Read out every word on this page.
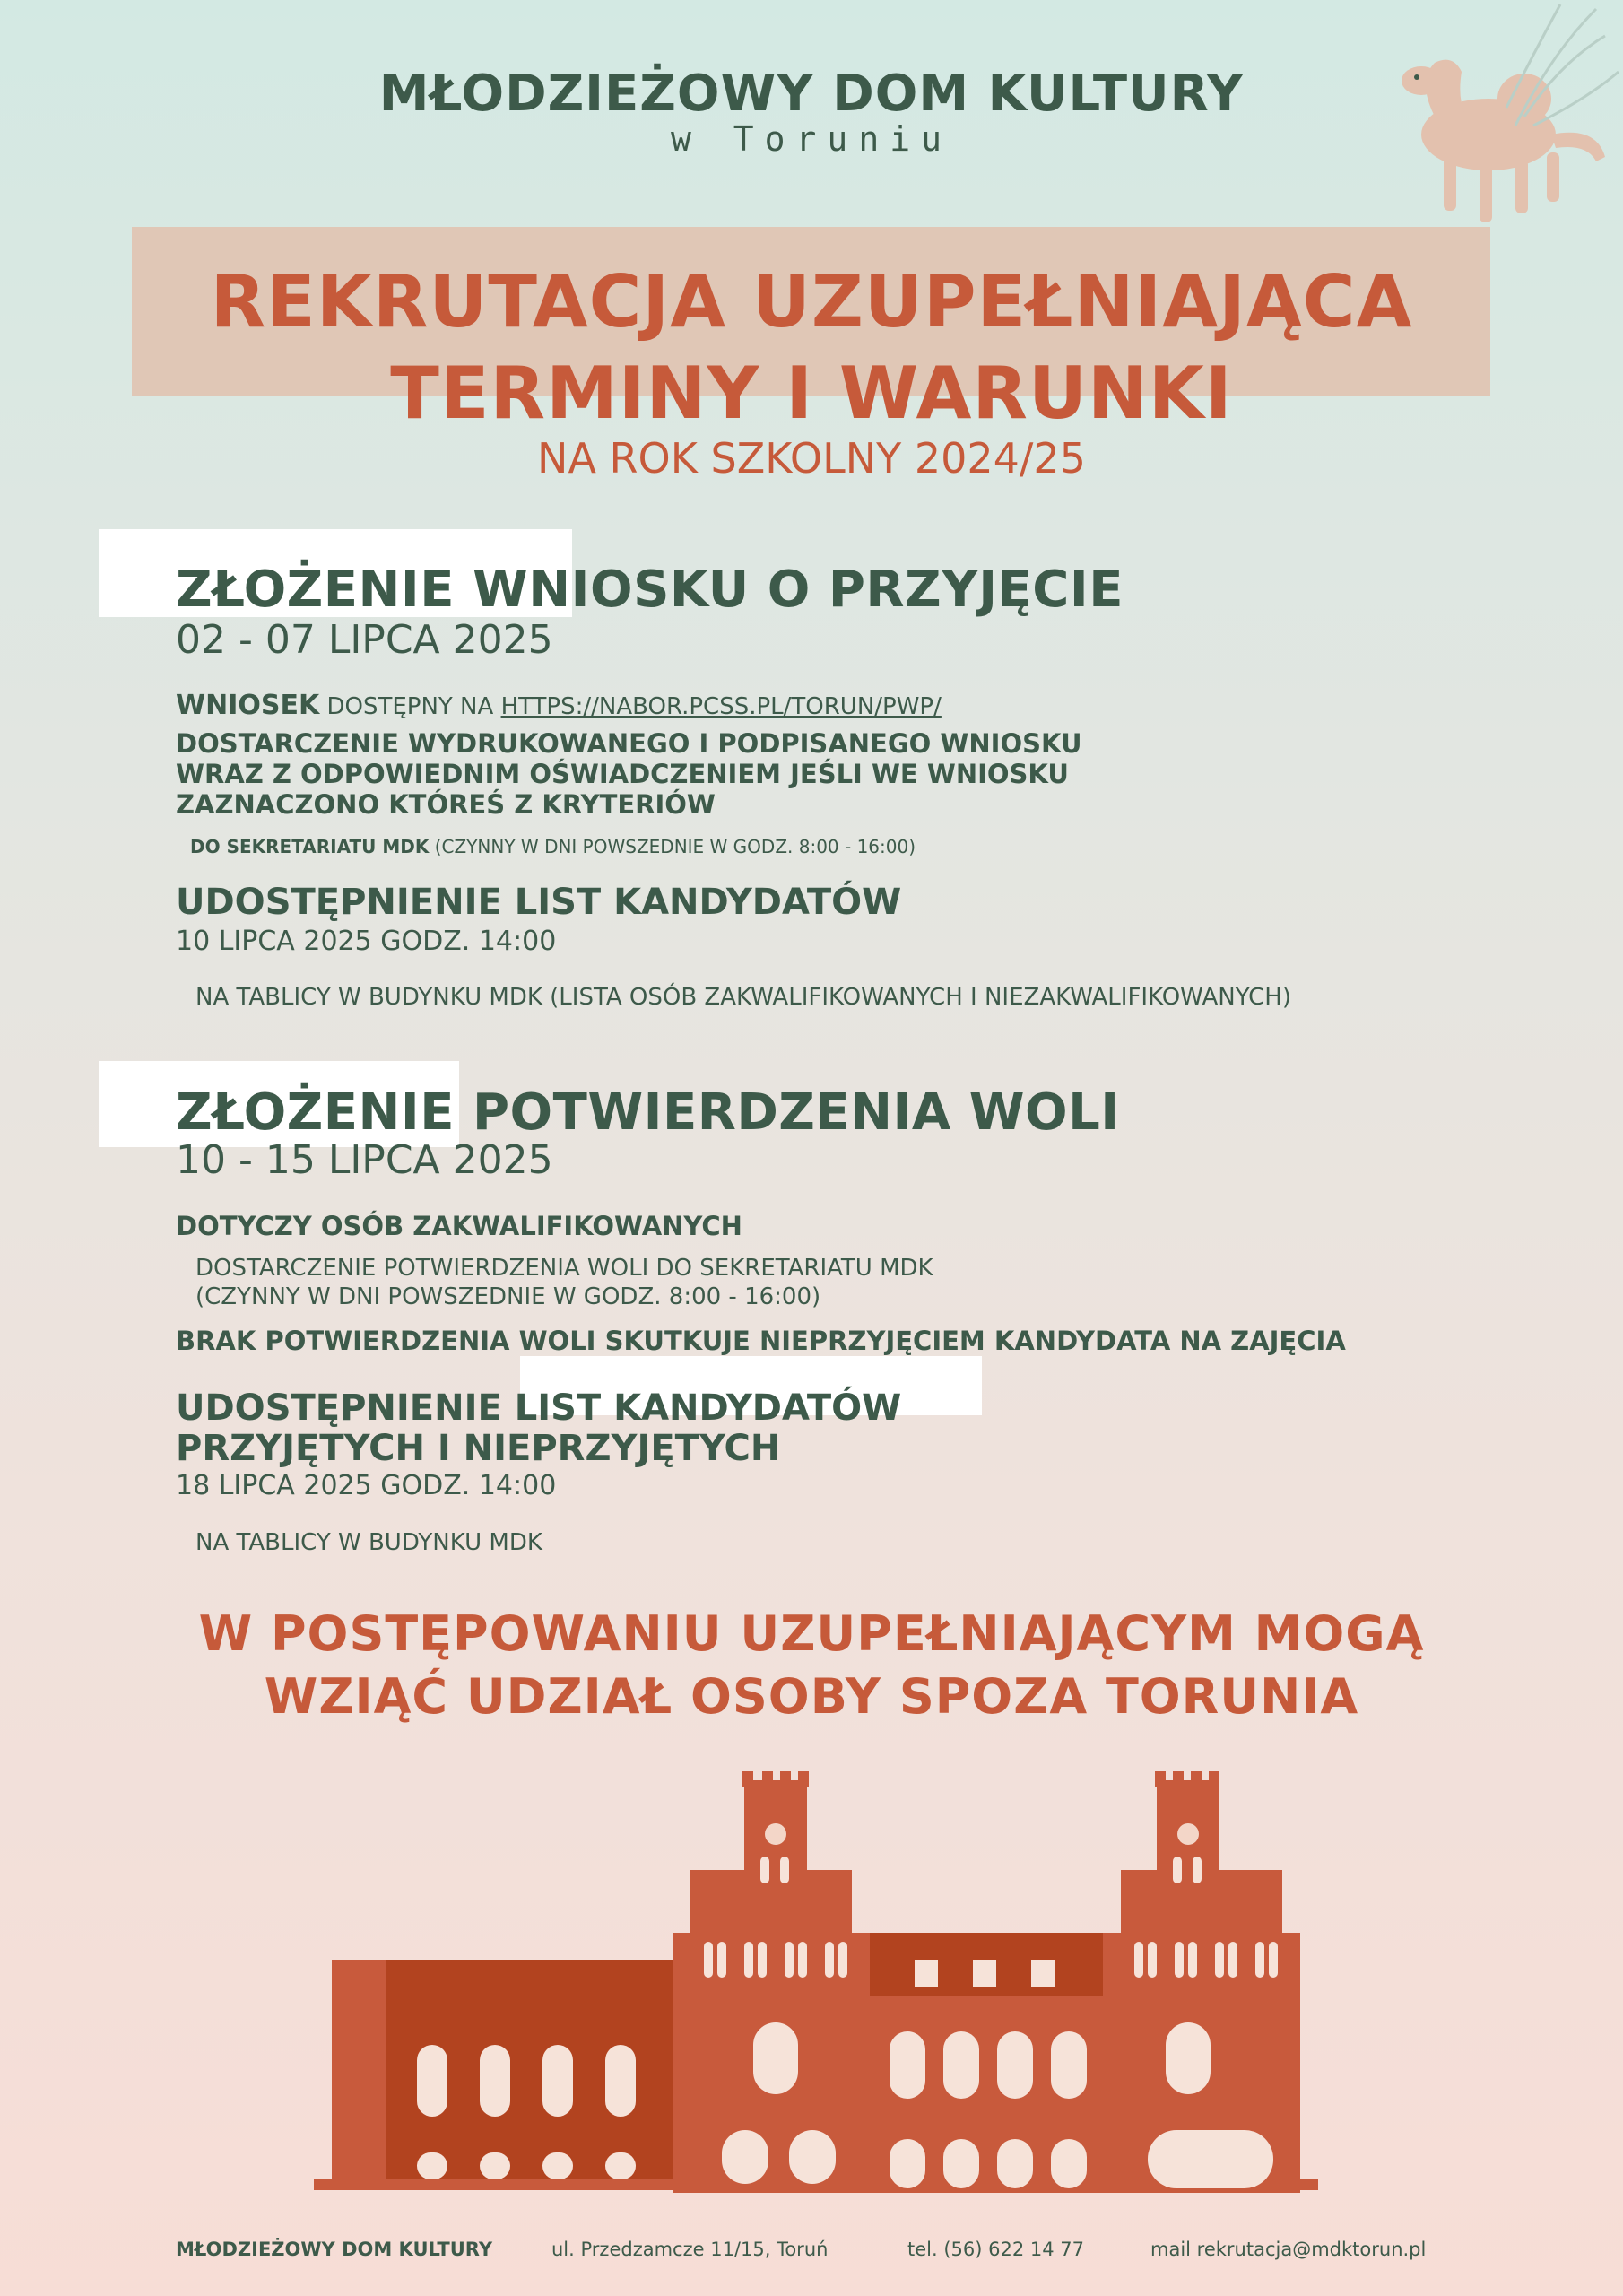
MŁODZIEŻOWY DOM KULTURY
w Toruniu
REKRUTACJA UZUPEŁNIAJĄCA
TERMINY I WARUNKI
NA ROK SZKOLNY 2024/25
ZŁOŻENIE WNIOSKU O PRZYJĘCIE
02 - 07 LIPCA 2025
WNIOSEK DOSTĘPNY NA HTTPS://NABOR.PCSS.PL/TORUN/PWP/
DOSTARCZENIE WYDRUKOWANEGO I PODPISANEGO WNIOSKU
WRAZ Z ODPOWIEDNIM OŚWIADCZENIEM JEŚLI WE WNIOSKU
ZAZNACZONO KTÓREŚ Z KRYTERIÓW
DO SEKRETARIATU MDK (CZYNNY W DNI POWSZEDNIE W GODZ. 8:00 - 16:00)
UDOSTĘPNIENIE LIST KANDYDATÓW
10 LIPCA 2025 GODZ. 14:00
NA TABLICY W BUDYNKU MDK (LISTA OSÓB ZAKWALIFIKOWANYCH I NIEZAKWALIFIKOWANYCH)
ZŁOŻENIE POTWIERDZENIA WOLI
10 - 15 LIPCA 2025
DOTYCZY OSÓB ZAKWALIFIKOWANYCH
DOSTARCZENIE POTWIERDZENIA WOLI DO SEKRETARIATU MDK
(CZYNNY W DNI POWSZEDNIE W GODZ. 8:00 - 16:00)
BRAK POTWIERDZENIA WOLI SKUTKUJE NIEPRZYJĘCIEM KANDYDATA NA ZAJĘCIA
UDOSTĘPNIENIE LIST KANDYDATÓW
PRZYJĘTYCH I NIEPRZYJĘTYCH
18 LIPCA 2025 GODZ. 14:00
NA TABLICY W BUDYNKU MDK
W POSTĘPOWANIU UZUPEŁNIAJĄCYM MOGĄ
WZIĄĆ UDZIAŁ OSOBY SPOZA TORUNIA
MŁODZIEŻOWY DOM KULTURY	ul. Przedzamcze 11/15, Toruń	tel. (56) 622 14 77	mail rekrutacja@mdktorun.pl
